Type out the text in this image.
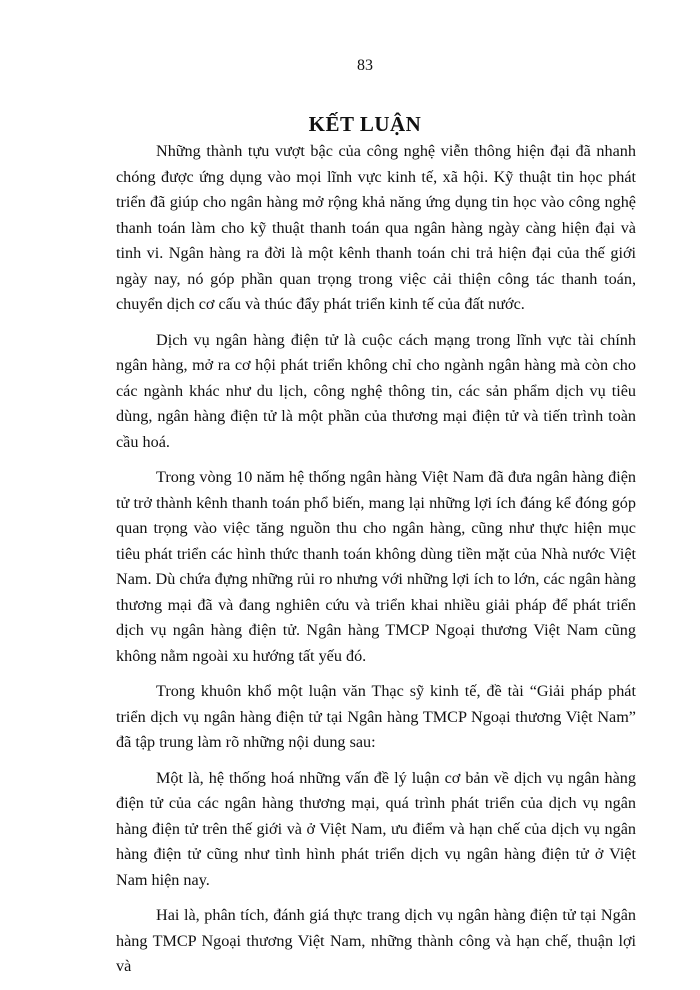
83
KẾT LUẬN

Những thành tựu vượt bậc của công nghệ viễn thông hiện đại đã nhanh chóng được ứng dụng vào mọi lĩnh vực kinh tế, xã hội. Kỹ thuật tin học phát triển đã giúp cho ngân hàng mở rộng khả năng ứng dụng tin học vào công nghệ thanh toán làm cho kỹ thuật thanh toán qua ngân hàng ngày càng hiện đại và tinh vi. Ngân hàng ra đời là một kênh thanh toán chi trả hiện đại của thế giới ngày nay, nó góp phần quan trọng trong việc cải thiện công tác thanh toán, chuyển dịch cơ cấu và thúc đẩy phát triển kinh tế của đất nước.

Dịch vụ ngân hàng điện tử là cuộc cách mạng trong lĩnh vực tài chính ngân hàng, mở ra cơ hội phát triển không chỉ cho ngành ngân hàng mà còn cho các ngành khác như du lịch, công nghệ thông tin, các sản phẩm dịch vụ tiêu dùng, ngân hàng điện tử là một phần của thương mại điện tử và tiến trình toàn cầu hoá.

Trong vòng 10 năm hệ thống ngân hàng Việt Nam đã đưa ngân hàng điện tử trở thành kênh thanh toán phổ biến, mang lại những lợi ích đáng kể đóng góp quan trọng vào việc tăng nguồn thu cho ngân hàng, cũng như thực hiện mục tiêu phát triển các hình thức thanh toán không dùng tiền mặt của Nhà nước Việt Nam. Dù chứa đựng những rủi ro nhưng với những lợi ích to lớn, các ngân hàng thương mại đã và đang nghiên cứu và triển khai nhiều giải pháp để phát triển dịch vụ ngân hàng điện tử. Ngân hàng TMCP Ngoại thương Việt Nam cũng không nằm ngoài xu hướng tất yếu đó.

Trong khuôn khổ một luận văn Thạc sỹ kinh tế, đề tài “Giải pháp phát triển dịch vụ ngân hàng điện tử tại Ngân hàng TMCP Ngoại thương Việt Nam” đã tập trung làm rõ những nội dung sau:

Một là, hệ thống hoá những vấn đề lý luận cơ bản về dịch vụ ngân hàng điện tử của các ngân hàng thương mại, quá trình phát triển của dịch vụ ngân hàng điện tử trên thế giới và ở Việt Nam, ưu điểm và hạn chế của dịch vụ ngân hàng điện tử cũng như tình hình phát triển dịch vụ ngân hàng điện tử ở Việt Nam hiện nay.

Hai là, phân tích, đánh giá thực trang dịch vụ ngân hàng điện tử tại Ngân hàng TMCP Ngoại thương Việt Nam, những thành công và hạn chế, thuận lợi và
